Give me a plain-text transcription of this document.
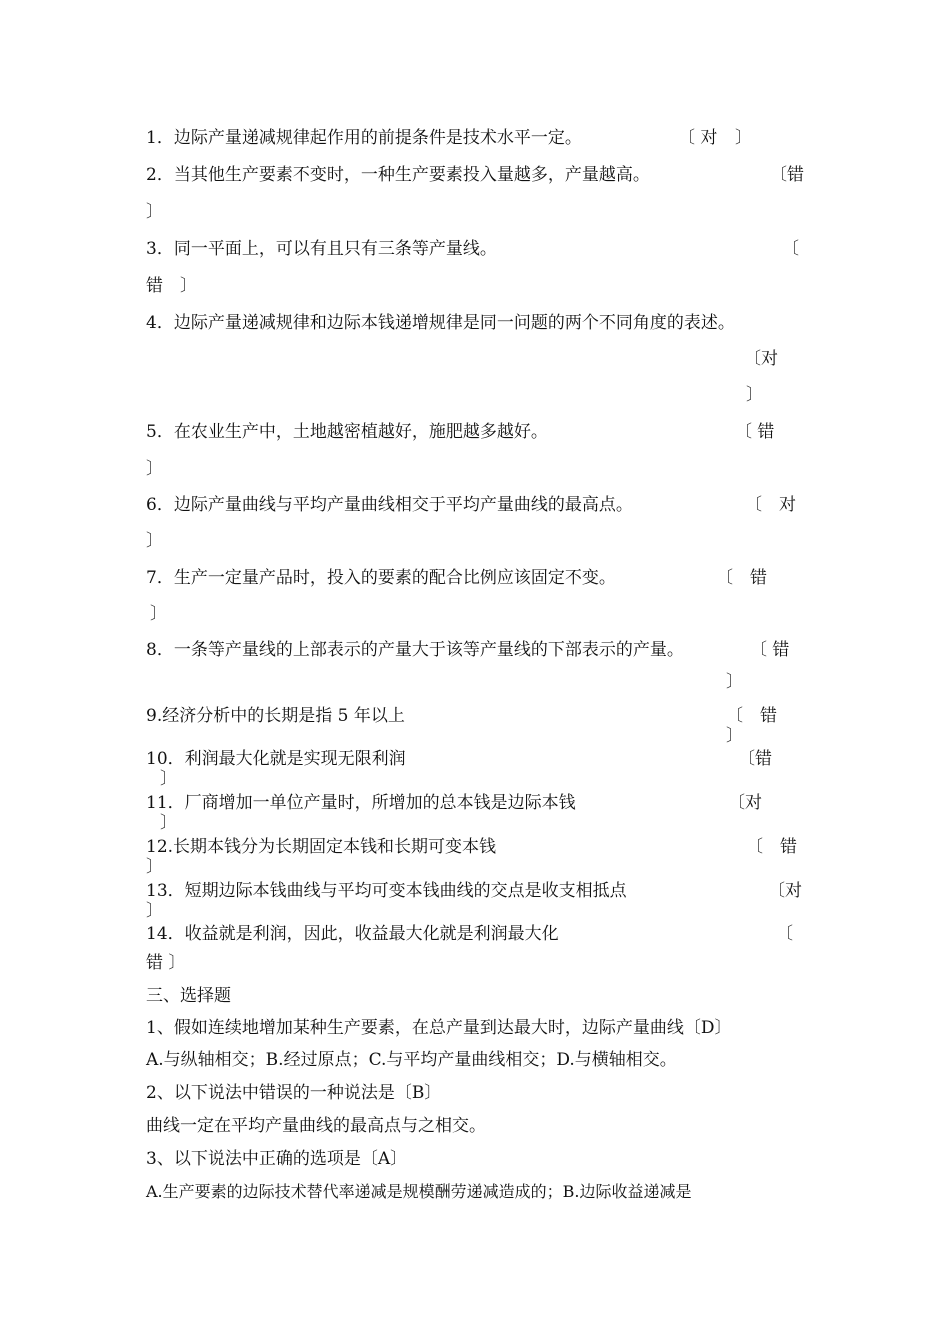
1．边际产量递减规律起作用的前提条件是技术水平一定。	〔 对 〕
2．当其他生产要素不变时，一种生产要素投入量越多，产量越高。	〔错
〕
3．同一平面上，可以有且只有三条等产量线。	〔
错　〕
4．边际产量递减规律和边际本钱递增规律是同一问题的两个不同角度的表述。
〔对
〕
5．在农业生产中，土地越密植越好，施肥越多越好。	〔 错
〕
6．边际产量曲线与平均产量曲线相交于平均产量曲线的最高点。	〔　对
〕
7．生产一定量产品时，投入的要素的配合比例应该固定不变。	〔　错
〕
8．一条等产量线的上部表示的产量大于该等产量线的下部表示的产量。	〔 错
〕
9.经济分析中的长期是指 5 年以上	〔　错
〕
10．利润最大化就是实现无限利润	〔错
〕
11．厂商增加一单位产量时，所增加的总本钱是边际本钱	〔对
〕
12.长期本钱分为长期固定本钱和长期可变本钱	〔　错
〕
13．短期边际本钱曲线与平均可变本钱曲线的交点是收支相抵点	〔对
〕
14．收益就是利润，因此，收益最大化就是利润最大化	〔
错 〕
三、选择题
1、假如连续地增加某种生产要素，在总产量到达最大时，边际产量曲线〔D〕
A.与纵轴相交；B.经过原点；C.与平均产量曲线相交；D.与横轴相交。
2、以下说法中错误的一种说法是〔B〕
曲线一定在平均产量曲线的最高点与之相交。
3、以下说法中正确的选项是〔A〕
A.生产要素的边际技术替代率递减是规模酬劳递减造成的；B.边际收益递减是
